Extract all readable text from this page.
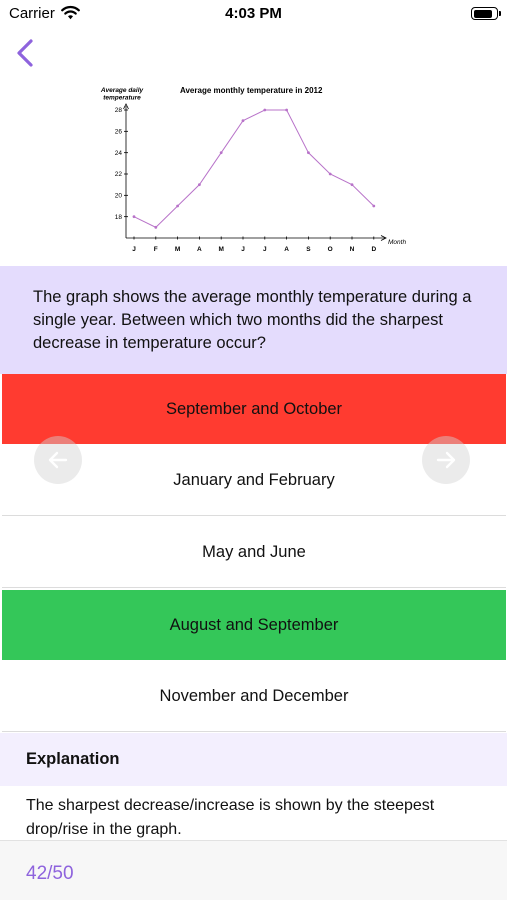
Carrier	4:03 PM
Average daily temperature
Average monthly temperature in 2012
18
20
22
24
26
28
J	F	M	A	M	J	J	A	S	O	N	D
Month
The graph shows the average monthly temperature during a single year. Between which two months did the sharpest decrease in temperature occur?
September and October
January and February
May and June
August and September
November and December
Explanation
The sharpest decrease/increase is shown by the steepest drop/rise in the graph.
42/50
